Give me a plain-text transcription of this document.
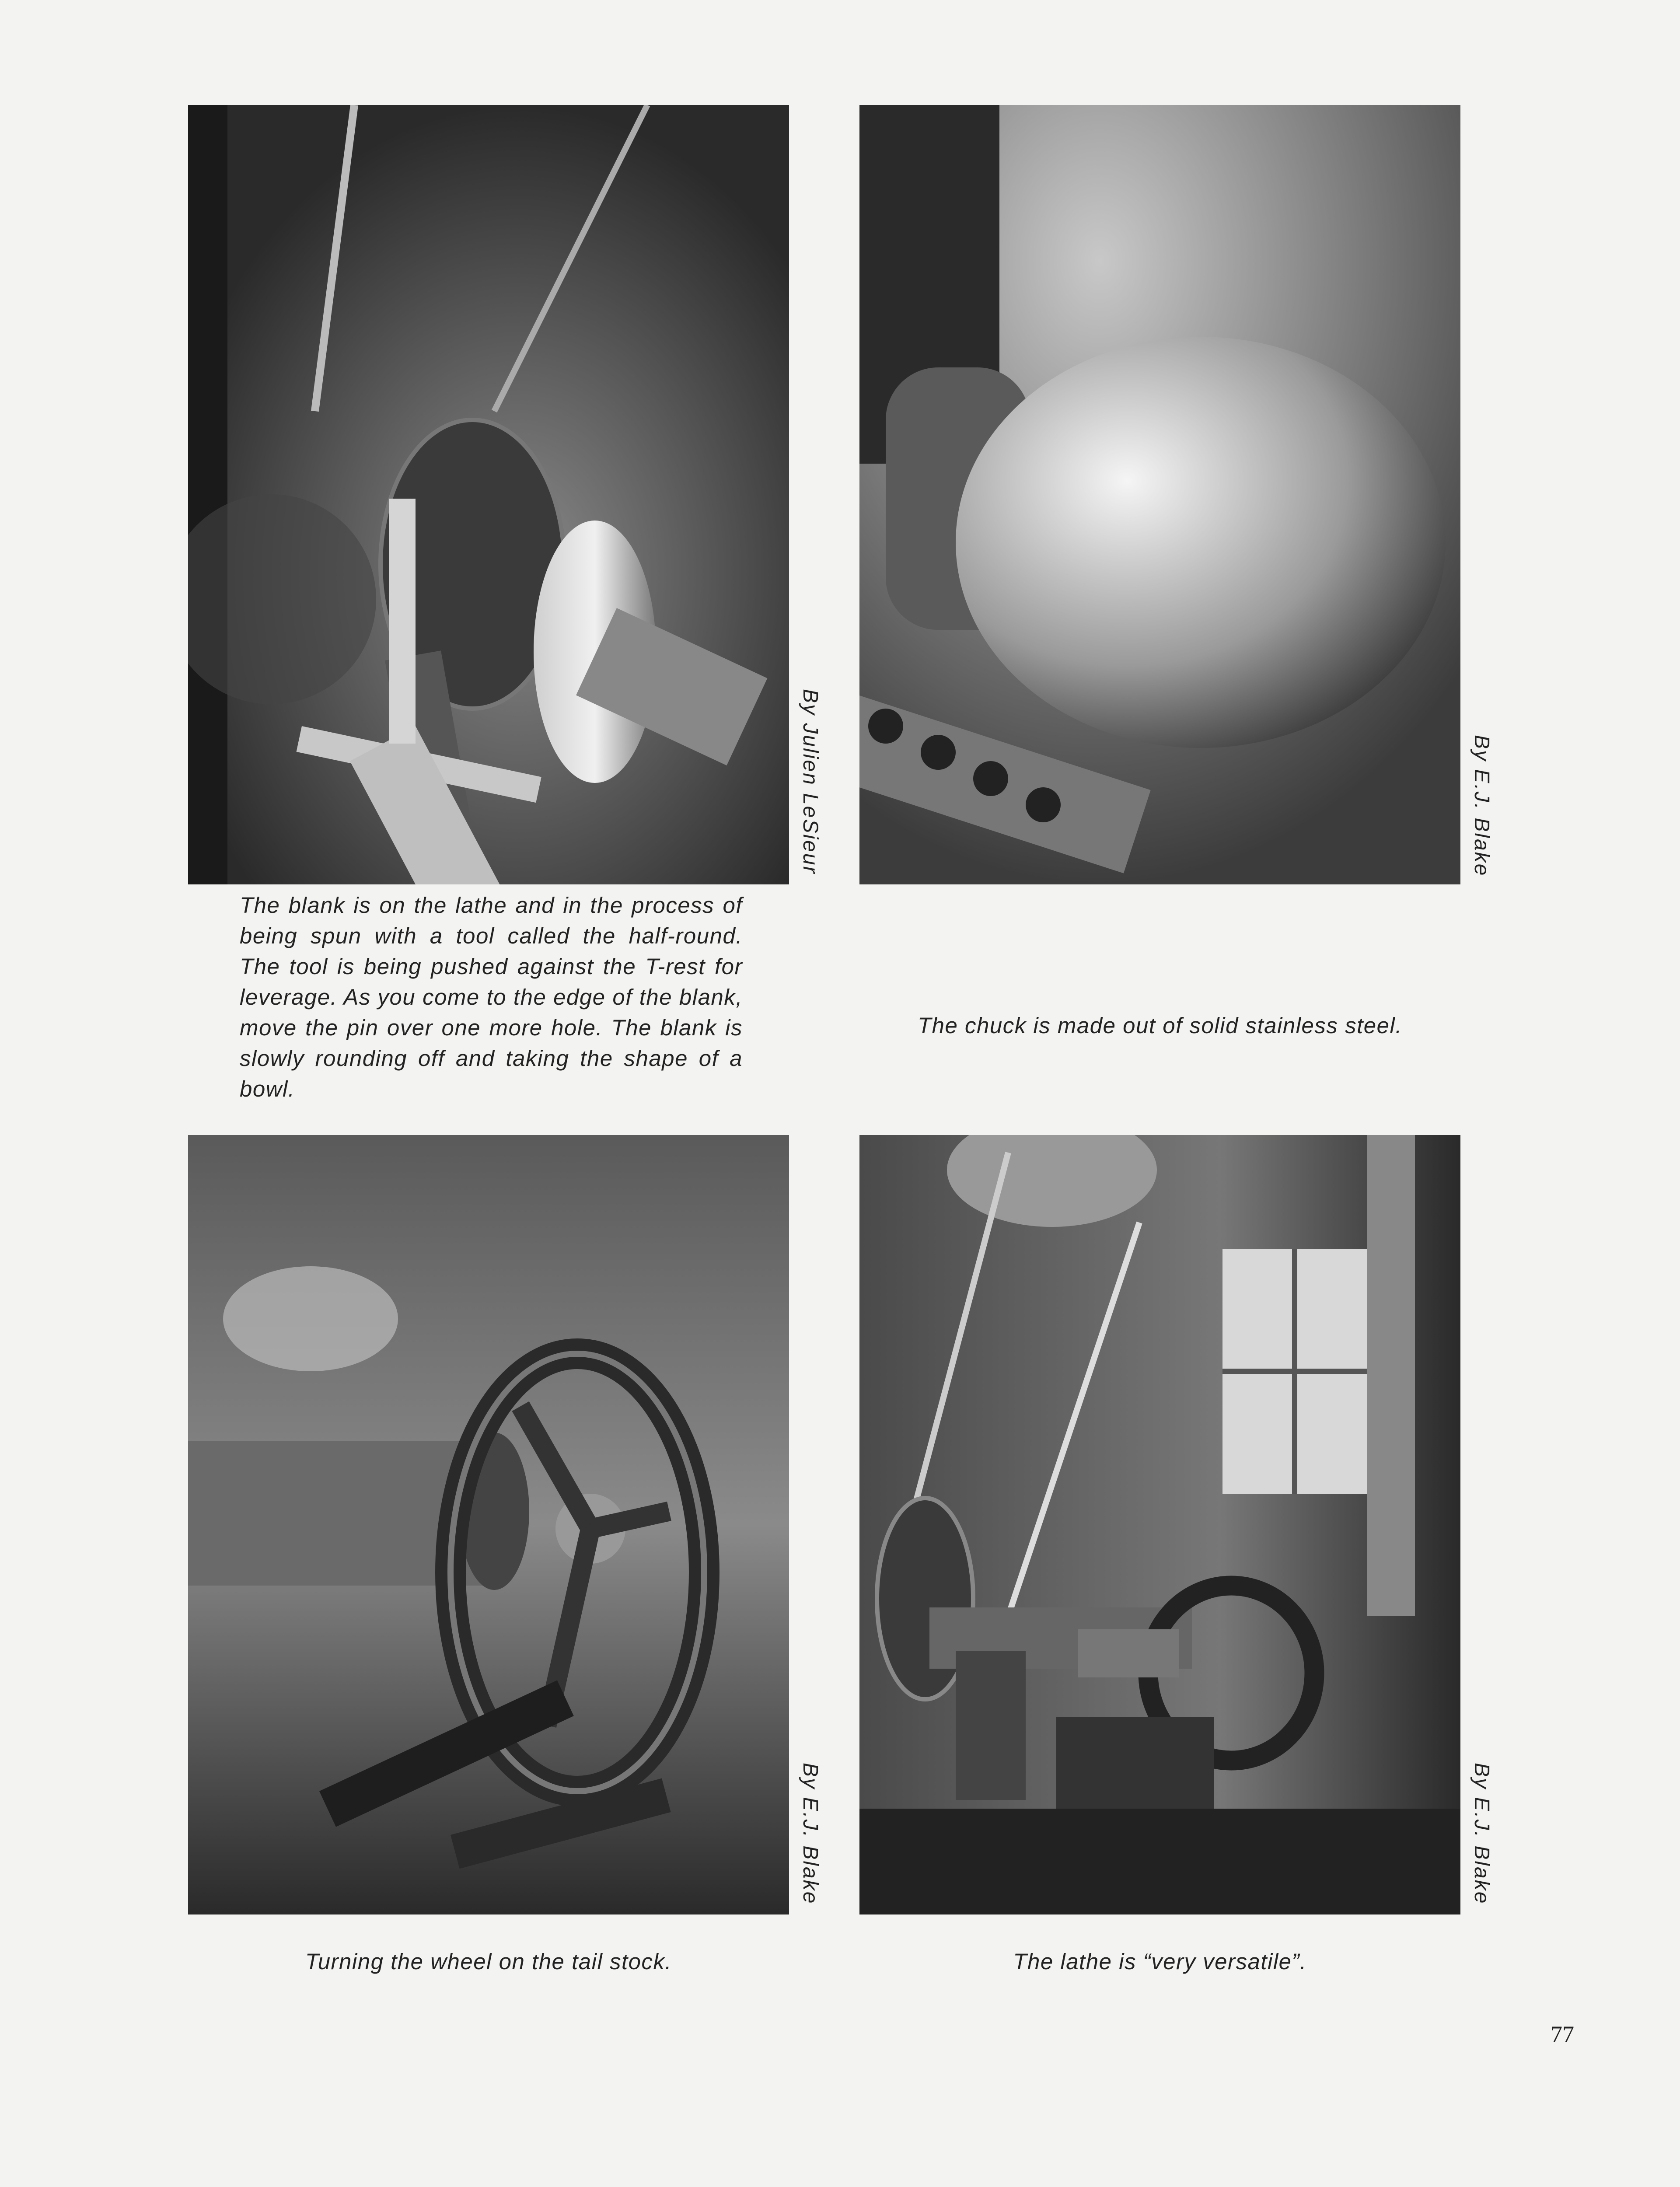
By Julien LeSieur
The blank is on the lathe and in the process of being spun with a tool called the half-round. The tool is being pushed against the T-rest for leverage. As you come to the edge of the blank, move the pin over one more hole. The blank is slowly rounding off and taking the shape of a bowl.
By E.J. Blake
The chuck is made out of solid stainless steel.
By E.J. Blake
Turning the wheel on the tail stock.
By E.J. Blake
The lathe is “very versatile”.
77
